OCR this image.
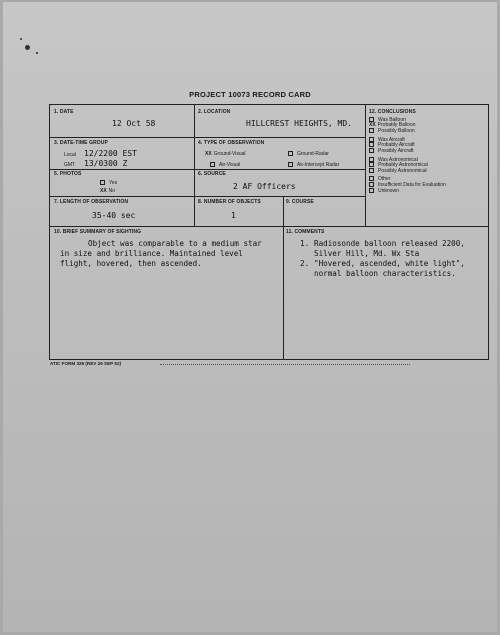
PROJECT 10073 RECORD CARD
1. DATE
12 Oct 58
2. LOCATION
HILLCREST HEIGHTS, MD.
3. DATE-TIME GROUP
Local 12/2200 EST
GMT 13/0300 Z
4. TYPE OF OBSERVATION
XX Ground-Visual	Ground-Radar
Air-Visual	Air-Intercept Radar
5. PHOTOS
Yes
XX No
6. SOURCE
2 AF Officers
7. LENGTH OF OBSERVATION
35-40 sec
8. NUMBER OF OBJECTS
1
9. COURSE
12. CONCLUSIONS
Was Balloon
XX Probably Balloon
Possibly Balloon
Was Aircraft
Probably Aircraft
Possibly Aircraft
Was Astronomical
Probably Astronomical
Possibly Astronomical
Other
Insufficient Data for Evaluation
Unknown
10. BRIEF SUMMARY OF SIGHTING
Object was comparable to a medium star
in size and brilliance. Maintained level
flight, hovered, then ascended.
11. COMMENTS
1. Radiosonde balloon released 2200,
Silver Hill, Md. Wx Sta
2. "Hovered, ascended, white light",
normal balloon characteristics.
ATIC FORM 329 (REV 26 SEP 52)
